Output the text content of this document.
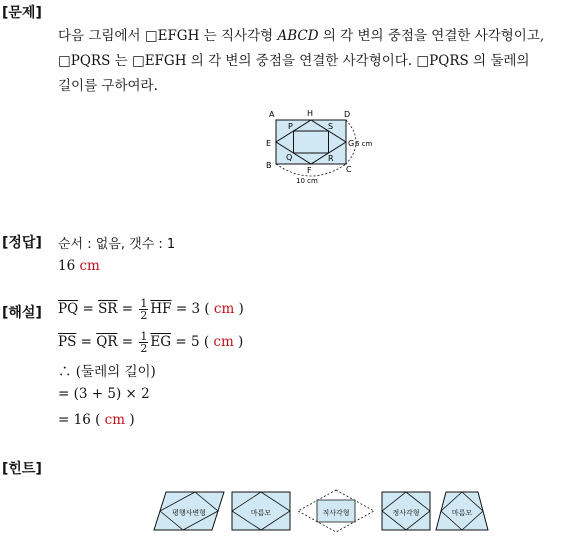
[문제]
다음 그림에서 □EFGH 는 직사각형 ABCD 의 각 변의 중점을 연결한 사각형이고,
□PQRS 는 □EFGH 의 각 변의 중점을 연결한 사각형이다. □PQRS 의 둘레의
길이를 구하여라.
A	H	D
P	S
E	G 6 cm
Q	R
B
F	C
10 cm
[정답] 순서 : 없음, 갯수 : 1
16 cm
[해설] $\overline{PQ} = \overline{SR} = \frac{1}{2} \overline{HF} = 3$ ( cm )
$\overline{PS} = \overline{QR} = \frac{1}{2} \overline{EG} = 5$ ( cm )
∴ (둘레의 길이)
= (3 + 5) × 2
= 16 ( cm )
[힌트]
평행사변형	마름모	직사각형	정사각형	마름모
